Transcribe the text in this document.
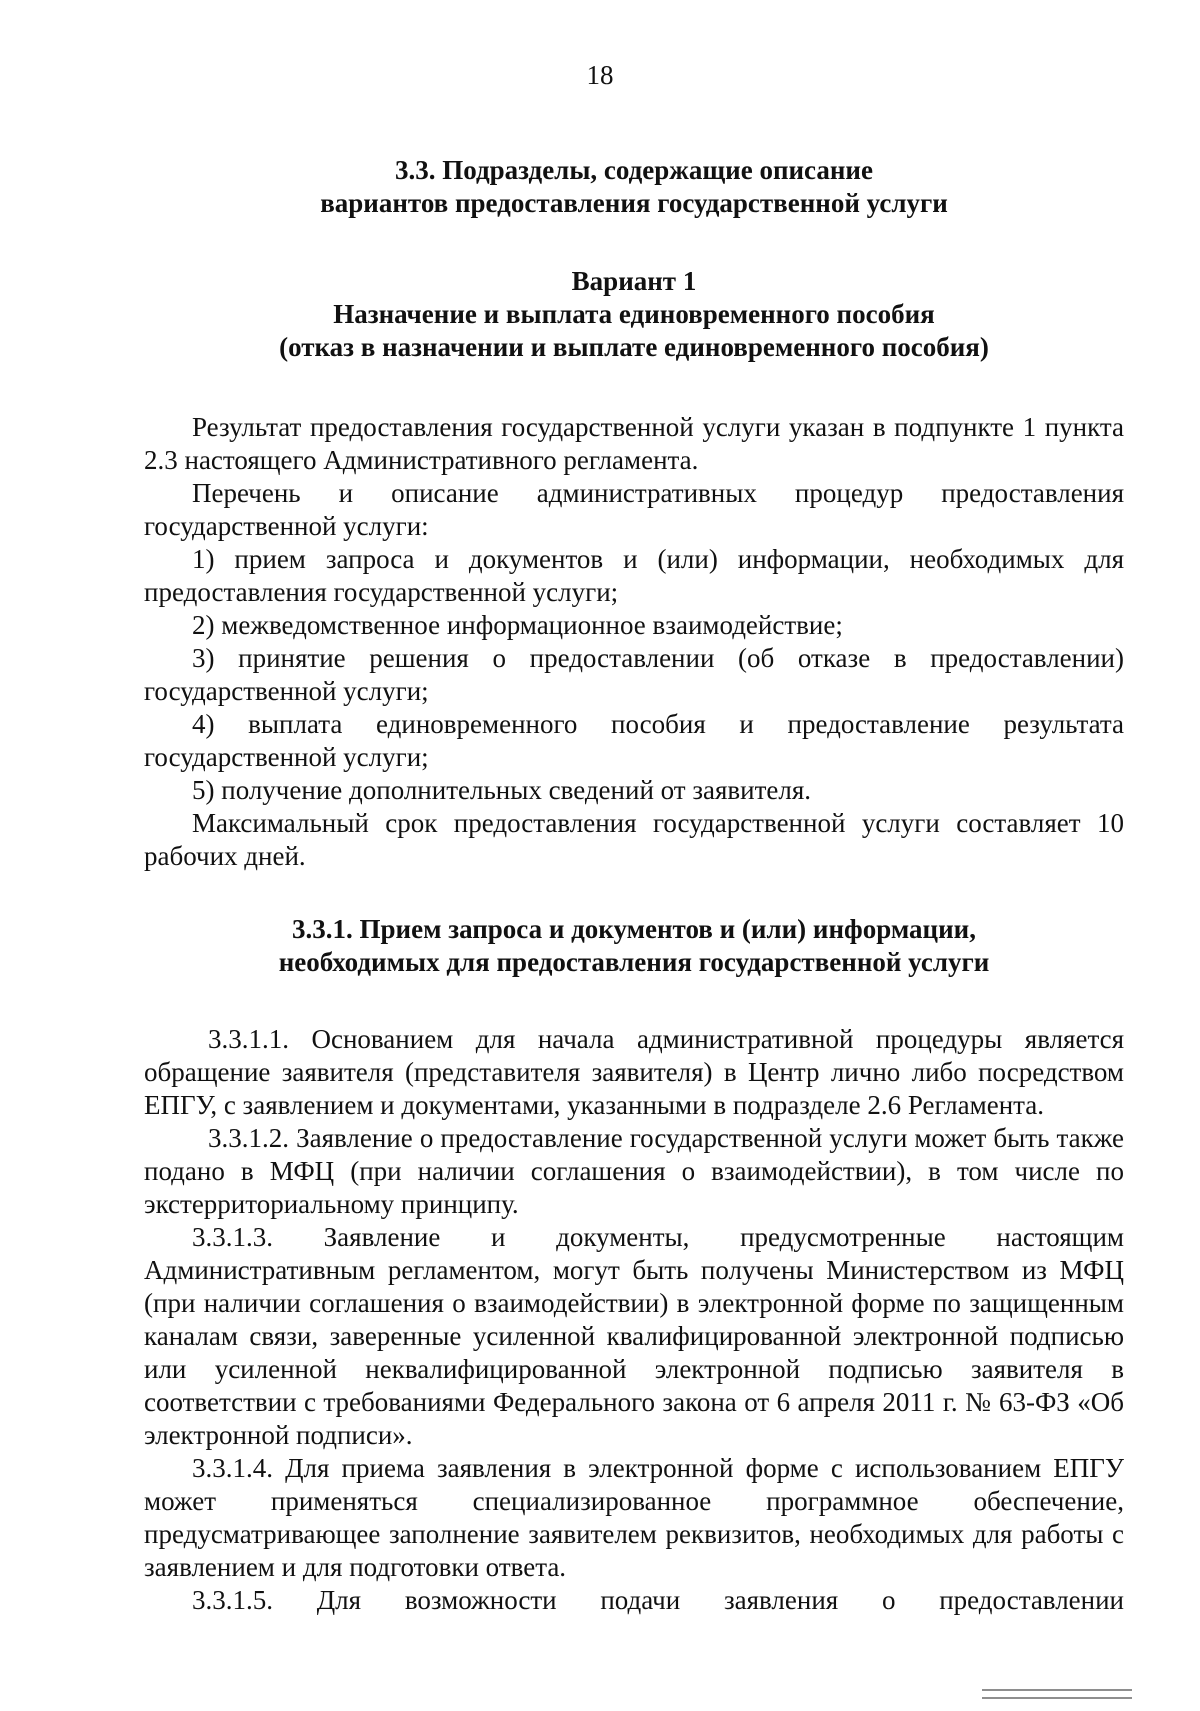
18
3.3. Подразделы, содержащие описание
вариантов предоставления государственной услуги
Вариант 1
Назначение и выплата единовременного пособия
(отказ в назначении и выплате единовременного пособия)

Результат предоставления государственной услуги указан в подпункте 1 пункта 2.3 настоящего Административного регламента.

Перечень и описание административных процедур предоставления государственной услуги:

1) прием запроса и документов и (или) информации, необходимых для предоставления государственной услуги;

2) межведомственное информационное взаимодействие;

3) принятие решения о предоставлении (об отказе в предоставлении) государственной услуги;

4) выплата единовременного пособия и предоставление результата государственной услуги;

5) получение дополнительных сведений от заявителя.

Максимальный срок предоставления государственной услуги составляет 10 рабочих дней.

3.3.1. Прием запроса и документов и (или) информации,
необходимых для предоставления государственной услуги

3.3.1.1. Основанием для начала административной процедуры является обращение заявителя (представителя заявителя) в Центр лично либо посредством ЕПГУ, с заявлением и документами, указанными в подразделе 2.6 Регламента.

3.3.1.2. Заявление о предоставление государственной услуги может быть также подано в МФЦ (при наличии соглашения о взаимодействии), в том числе по экстерриториальному принципу.

3.3.1.3. Заявление и документы, предусмотренные настоящим Административным регламентом, могут быть получены Министерством из МФЦ (при наличии соглашения о взаимодействии) в электронной форме по защищенным каналам связи, заверенные усиленной квалифицированной электронной подписью или усиленной неквалифицированной электронной подписью заявителя в соответствии с требованиями Федерального закона от 6 апреля 2011 г. № 63-ФЗ «Об электронной подписи».

3.3.1.4. Для приема заявления в электронной форме с использованием ЕПГУ может применяться специализированное программное обеспечение, предусматривающее заполнение заявителем реквизитов, необходимых для работы с заявлением и для подготовки ответа.

3.3.1.5. Для возможности подачи заявления о предоставлении
